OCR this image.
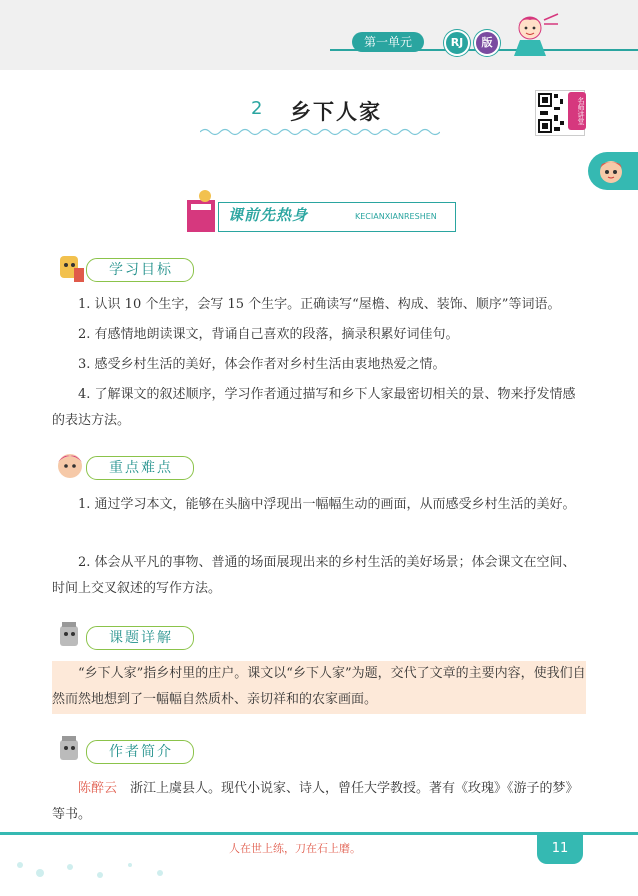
第一单元	RJ	版
2 乡下人家	名师讲堂
课前先热身	KECIANXIANRESHEN
学习目标
1. 认识 10 个生字，会写 15 个生字。正确读写“屋檐、构成、装饰、顺序”等词语。
2. 有感情地朗读课文，背诵自己喜欢的段落，摘录积累好词佳句。
3. 感受乡村生活的美好，体会作者对乡村生活由衷地热爱之情。
4. 了解课文的叙述顺序，学习作者通过描写和乡下人家最密切相关的景、物来抒发情感的表达方法。
重点难点
1. 通过学习本文，能够在头脑中浮现出一幅幅生动的画面，从而感受乡村生活的美好。
2. 体会从平凡的事物、普通的场面展现出来的乡村生活的美好场景；体会课文在空间、时间上交叉叙述的写作方法。
课题详解
“乡下人家”指乡村里的庄户。课文以“乡下人家”为题，交代了文章的主要内容，使我们自然而然地想到了一幅幅自然质朴、亲切祥和的农家画面。
作者简介
陈醉云　 浙江上虞县人。现代小说家、诗人，曾任大学教授。著有《玫瑰》《游子的梦》等书。
人在世上练，刀在石上磨。	11
